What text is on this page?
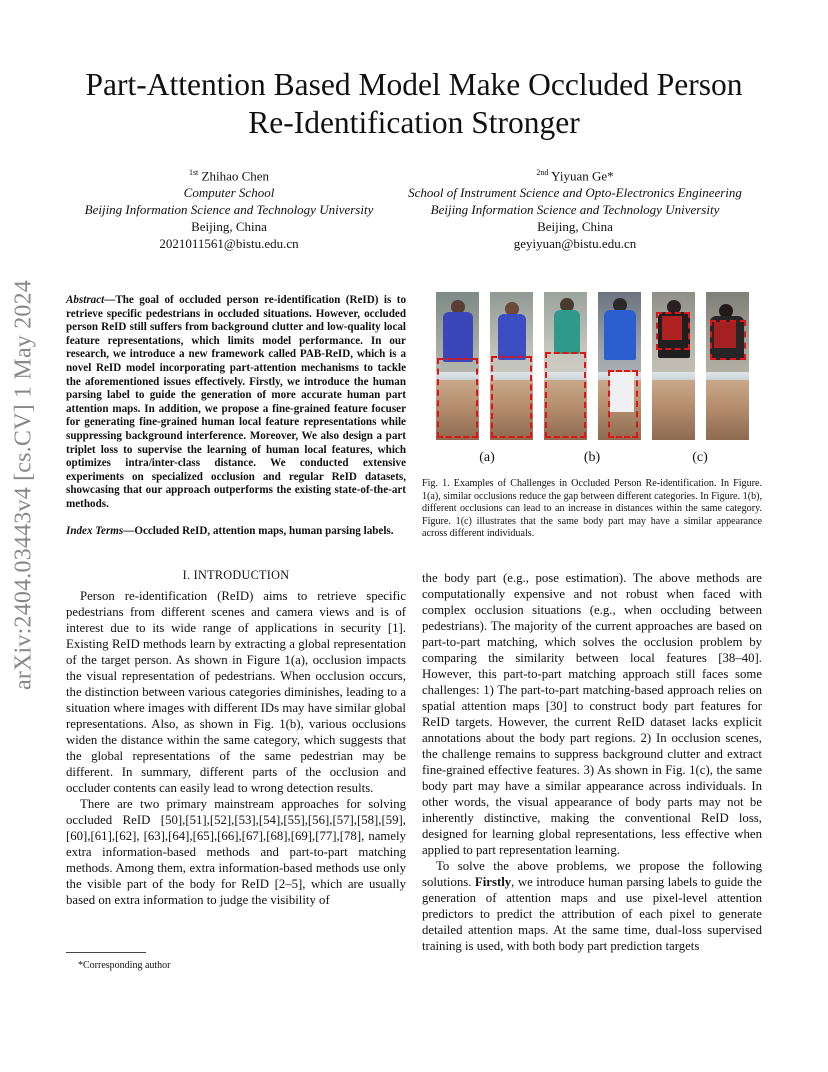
arXiv:2404.03443v4 [cs.CV] 1 May 2024
Part-Attention Based Model Make Occluded Person
Re-Identification Stronger
$^{1st}$ Zhihao Chen
Computer School
Beijing Information Science and Technology University
Beijing, China
2021011561@bistu.edu.cn
$^{2nd}$ Yiyuan Ge*
School of Instrument Science and Opto-Electronics Engineering
Beijing Information Science and Technology University
Beijing, China
geyiyuan@bistu.edu.cn
Abstract—The goal of occluded person re-identification (ReID) is to retrieve specific pedestrians in occluded situations. However, occluded person ReID still suffers from background clutter and low-quality local feature representations, which limits model performance. In our research, we introduce a new framework called PAB-ReID, which is a novel ReID model incorporating part-attention mechanisms to tackle the aforementioned issues effectively. Firstly, we introduce the human parsing label to guide the generation of more accurate human part attention maps. In addition, we propose a fine-grained feature focuser for generating fine-grained human local feature representations while suppressing background interference. Moreover, We also design a part triplet loss to supervise the learning of human local features, which optimizes intra/inter-class distance. We conducted extensive experiments on specialized occlusion and regular ReID datasets, showcasing that our approach outperforms the existing state-of-the-art methods.
Index Terms—Occluded ReID, attention maps, human parsing labels.
I. INTRODUCTION

Person re-identification (ReID) aims to retrieve specific pedestrians from different scenes and camera views and is of interest due to its wide range of applications in security [1]. Existing ReID methods learn by extracting a global representation of the target person. As shown in Figure 1(a), occlusion impacts the visual representation of pedestrians. When occlusion occurs, the distinction between various categories diminishes, leading to a situation where images with different IDs may have similar global representations. Also, as shown in Fig. 1(b), various occlusions widen the distance within the same category, which suggests that the global representations of the same pedestrian may be different. In summary, different parts of the occlusion and occluder contents can easily lead to wrong detection results.

There are two primary mainstream approaches for solving occluded ReID [50],[51],[52],[53],[54],[55],[56],[57],[58],[59],[60],[61],[62], [63],[64],[65],[66],[67],[68],[69],[77],[78], namely extra information-based methods and part-to-part matching methods. Among them, extra information-based methods use only the visible part of the body for ReID [2–5], which are usually based on extra information to judge the visibility of

*Corresponding author
(a)	(b)	(c)
Fig. 1. Examples of Challenges in Occluded Person Re-identification. In Figure. 1(a), similar occlusions reduce the gap between different categories. In Figure. 1(b), different occlusions can lead to an increase in distances within the same category. Figure. 1(c) illustrates that the same body part may have a similar appearance across different individuals.

the body part (e.g., pose estimation). The above methods are computationally expensive and not robust when faced with complex occlusion situations (e.g., when occluding between pedestrians). The majority of the current approaches are based on part-to-part matching, which solves the occlusion problem by comparing the similarity between local features [38–40]. However, this part-to-part matching approach still faces some challenges: 1) The part-to-part matching-based approach relies on spatial attention maps [30] to construct body part features for ReID targets. However, the current ReID dataset lacks explicit annotations about the body part regions. 2) In occlusion scenes, the challenge remains to suppress background clutter and extract fine-grained effective features. 3) As shown in Fig. 1(c), the same body part may have a similar appearance across individuals. In other words, the visual appearance of body parts may not be inherently distinctive, making the conventional ReID loss, designed for learning global representations, less effective when applied to part representation learning.

To solve the above problems, we propose the following solutions. Firstly, we introduce human parsing labels to guide the generation of attention maps and use pixel-level attention predictors to predict the attribution of each pixel to generate detailed attention maps. At the same time, dual-loss supervised training is used, with both body part prediction targets
